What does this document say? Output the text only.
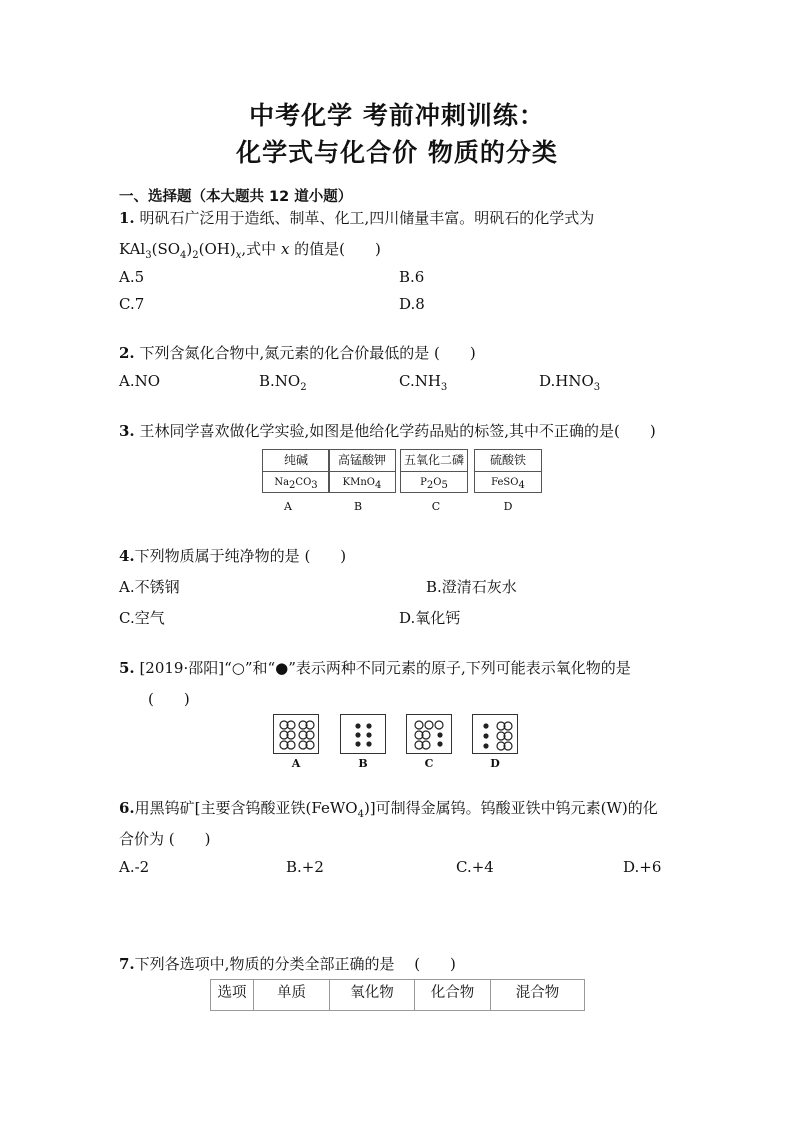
中考化学 考前冲刺训练：
化学式与化合价 物质的分类
一、选择题（本大题共 12 道小题）
1. 明矾石广泛用于造纸、制革、化工,四川储量丰富。明矾石的化学式为
$KAl_3(SO_4)_2(OH)_x$,式中 x 的值是(　　)
A.5	B.6
C.7	D.8
2. 下列含氮化合物中,氮元素的化合价最低的是 (　　)
A.NO	$B.NO_2$	$C.NH_3$	$D.HNO_3$
3. 王林同学喜欢做化学实验,如图是他给化学药品贴的标签,其中不正确的是(　　)
纯碱
$Na_2CO_3$
高锰酸钾
KMnO$_4$
五氧化二磷
$P_2O_5$
硫酸铁
FeSO$_4$
A	B	C	D
4.下列物质属于纯净物的是 (　　)
A.不锈钢	B.澄清石灰水
C.空气	D.氧化钙
5. [2019·邵阳]“○”和“●”表示两种不同元素的原子,下列可能表示氧化物的是
(　　)
A	B	C	D
6.用黑钨矿[主要含钨酸亚铁(FeWO$_4$)]可制得金属钨。钨酸亚铁中钨元素(W)的化
合价为 (　　)
A.-2	B.+2	C.+4	D.+6
7.下列各选项中,物质的分类全部正确的是 　(　　)
选项	单质	氧化物	化合物	混合物
